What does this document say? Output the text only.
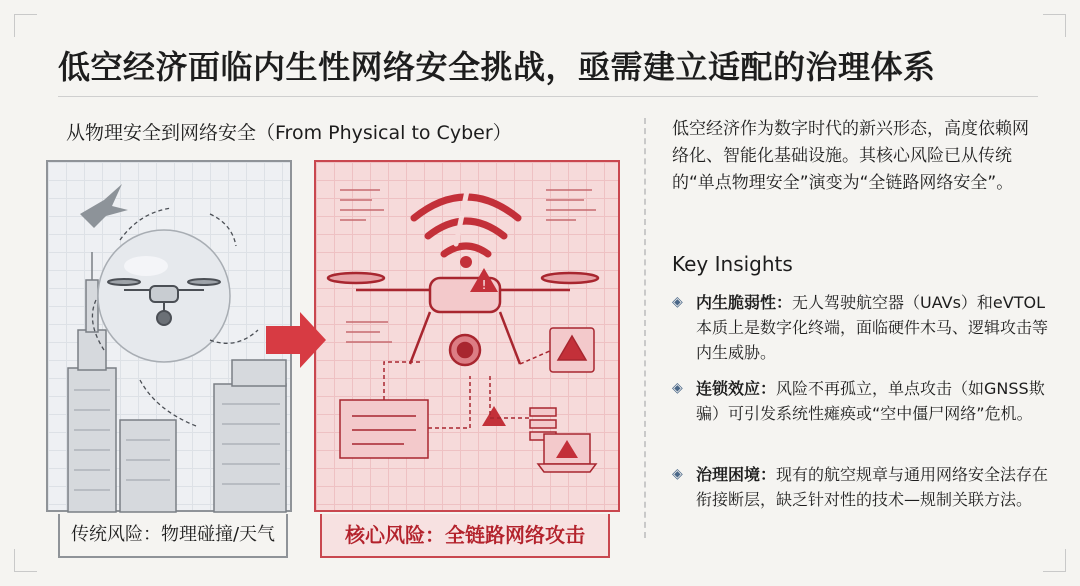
低空经济面临内生性网络安全挑战，亟需建立适配的治理体系
从物理安全到网络安全（From Physical to Cyber）
!
传统风险：物理碰撞/天气	核心风险：全链路网络攻击
低空经济作为数字时代的新兴形态，高度依赖网络化、智能化基础设施。其核心风险已从传统的“单点物理安全”演变为“全链路网络安全”。
Key Insights
◈ 内生脆弱性：无人驾驶航空器（UAVs）和eVTOL本质上是数字化终端，面临硬件木马、逻辑攻击等内生威胁。
◈ 连锁效应：风险不再孤立，单点攻击（如GNSS欺骗）可引发系统性瘫痪或“空中僵尸网络”危机。
◈ 治理困境：现有的航空规章与通用网络安全法存在衔接断层，缺乏针对性的技术—规制关联方法。
